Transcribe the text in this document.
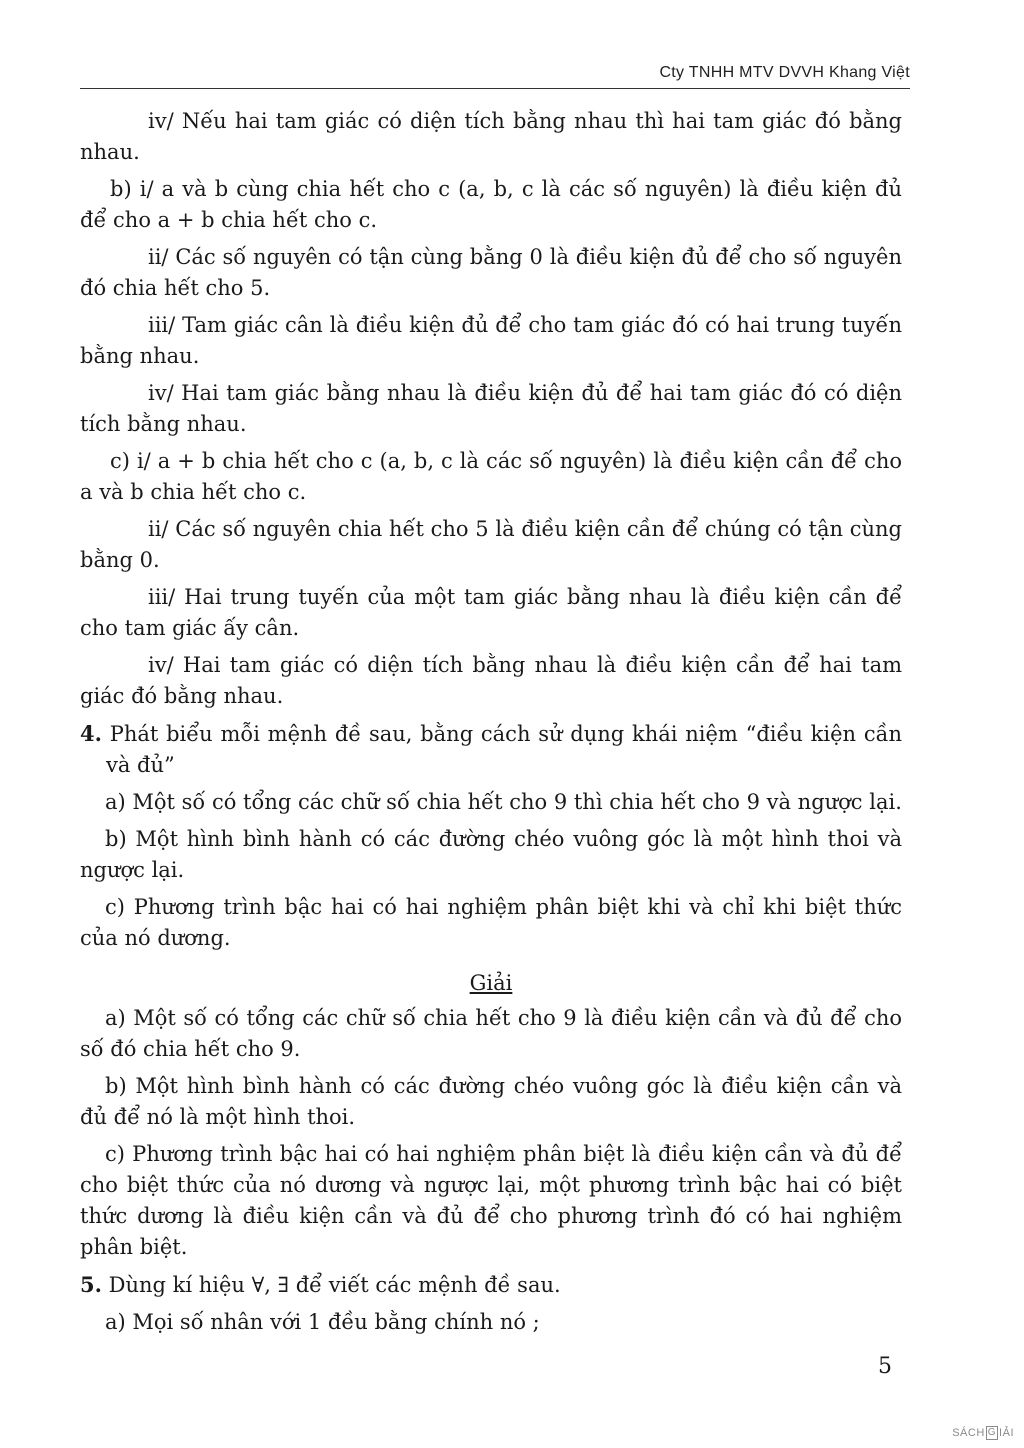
Cty TNHH MTV DVVH Khang Việt

iv/ Nếu hai tam giác có diện tích bằng nhau thì hai tam giác đó bằng nhau.

b) i/ a và b cùng chia hết cho c (a, b, c là các số nguyên) là điều kiện đủ để cho a + b chia hết cho c.

ii/ Các số nguyên có tận cùng bằng 0 là điều kiện đủ để cho số nguyên đó chia hết cho 5.

iii/ Tam giác cân là điều kiện đủ để cho tam giác đó có hai trung tuyến bằng nhau.

iv/ Hai tam giác bằng nhau là điều kiện đủ để hai tam giác đó có diện tích bằng nhau.

c) i/ a + b chia hết cho c (a, b, c là các số nguyên) là điều kiện cần để cho a và b chia hết cho c.

ii/ Các số nguyên chia hết cho 5 là điều kiện cần để chúng có tận cùng bằng 0.

iii/ Hai trung tuyến của một tam giác bằng nhau là điều kiện cần để cho tam giác ấy cân.

iv/ Hai tam giác có diện tích bằng nhau là điều kiện cần để hai tam giác đó bằng nhau.

4. Phát biểu mỗi mệnh đề sau, bằng cách sử dụng khái niệm “điều kiện cần và đủ”

a) Một số có tổng các chữ số chia hết cho 9 thì chia hết cho 9 và ngược lại.

b) Một hình bình hành có các đường chéo vuông góc là một hình thoi và ngược lại.

c) Phương trình bậc hai có hai nghiệm phân biệt khi và chỉ khi biệt thức của nó dương.

Giải

a) Một số có tổng các chữ số chia hết cho 9 là điều kiện cần và đủ để cho số đó chia hết cho 9.

b) Một hình bình hành có các đường chéo vuông góc là điều kiện cần và đủ để nó là một hình thoi.

c) Phương trình bậc hai có hai nghiệm phân biệt là điều kiện cần và đủ để cho biệt thức của nó dương và ngược lại, một phương trình bậc hai có biệt thức dương là điều kiện cần và đủ để cho phương trình đó có hai nghiệm phân biệt.

5. Dùng kí hiệu ∀, ∃ để viết các mệnh đề sau.

a) Mọi số nhân với 1 đều bằng chính nó ;

5
SÁCH G IẢI
